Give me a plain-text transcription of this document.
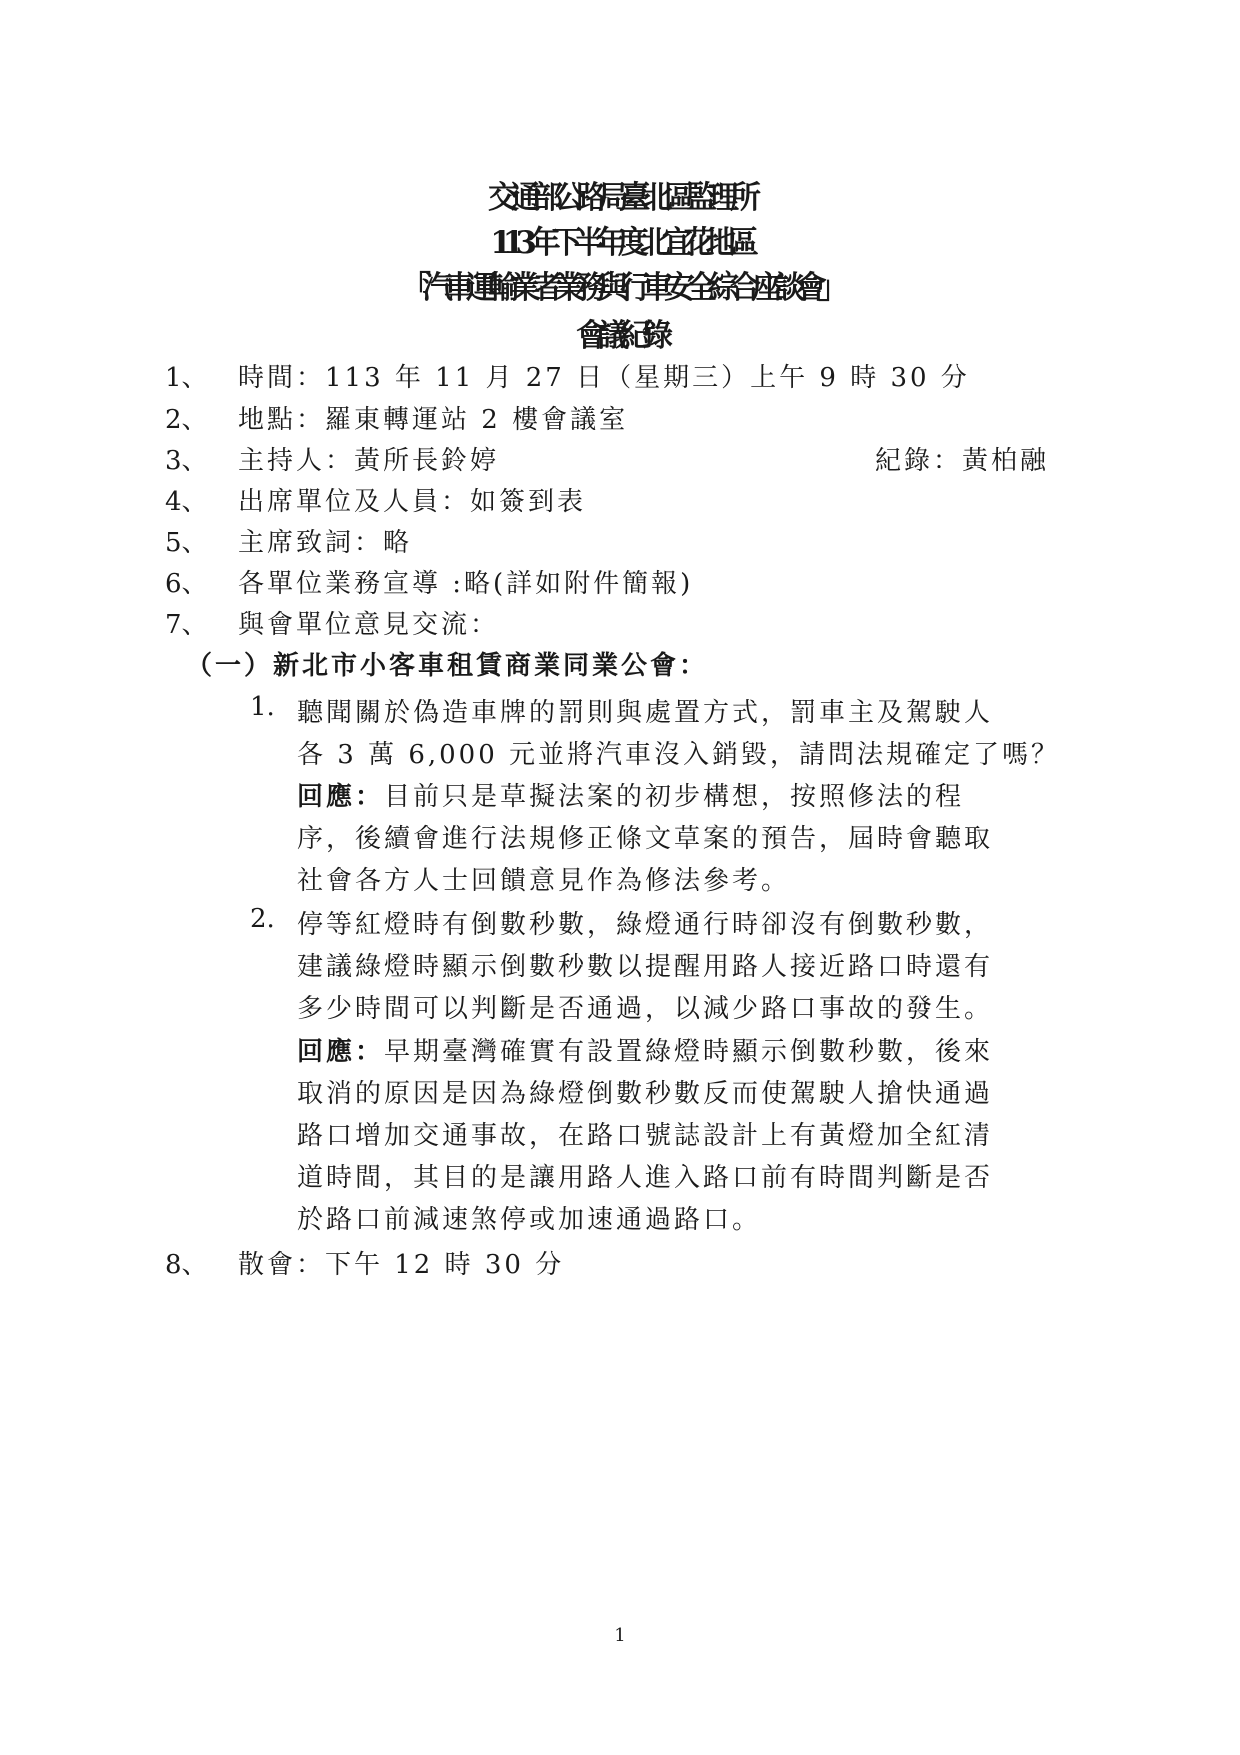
交通部公路局臺北區監理所
113 年下半年度北宜花地區
「汽車運輸業者業務與行車安全綜合座談會」
會議紀錄
1、 時間：113 年 11 月 27 日（星期三）上午 9 時 30 分
2、 地點：羅東轉運站 2 樓會議室
3、 主持人：黃所長鈴婷	紀錄：黃柏融
4、 出席單位及人員：如簽到表
5、 主席致詞：略
6、 各單位業務宣導 :略(詳如附件簡報)
7、 與會單位意見交流：
（一）新北市小客車租賃商業同業公會：
1. 聽聞關於偽造車牌的罰則與處置方式，罰車主及駕駛人
各 3 萬 6,000 元並將汽車沒入銷毀，請問法規確定了嗎？
回應：目前只是草擬法案的初步構想，按照修法的程
序，後續會進行法規修正條文草案的預告，屆時會聽取
社會各方人士回饋意見作為修法參考。
2. 停等紅燈時有倒數秒數，綠燈通行時卻沒有倒數秒數，
建議綠燈時顯示倒數秒數以提醒用路人接近路口時還有
多少時間可以判斷是否通過，以減少路口事故的發生。
回應：早期臺灣確實有設置綠燈時顯示倒數秒數，後來
取消的原因是因為綠燈倒數秒數反而使駕駛人搶快通過
路口增加交通事故，在路口號誌設計上有黃燈加全紅清
道時間，其目的是讓用路人進入路口前有時間判斷是否
於路口前減速煞停或加速通過路口。
8、 散會：下午 12 時 30 分
1
